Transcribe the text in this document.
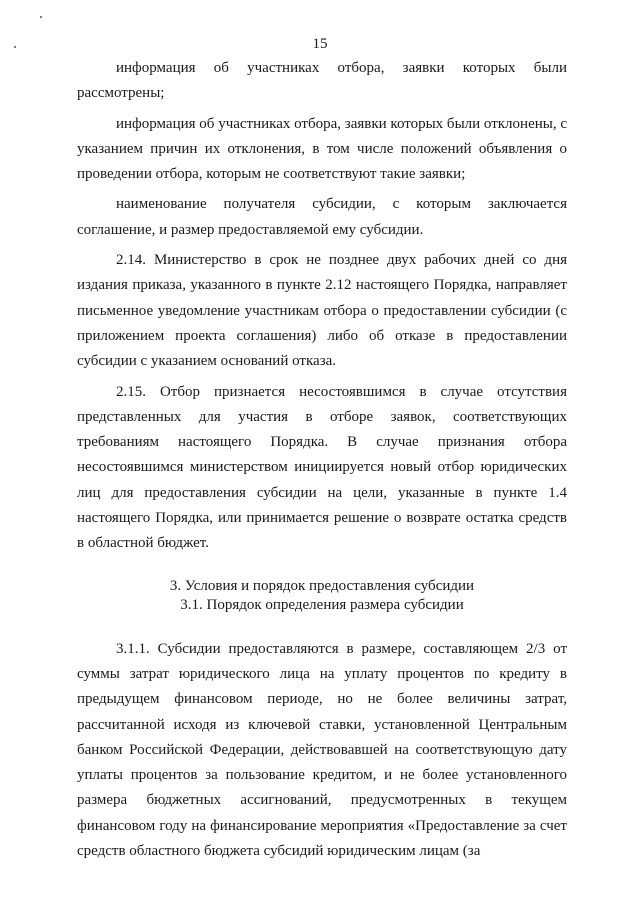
15

информация об участниках отбора, заявки которых были рассмотрены;

информация об участниках отбора, заявки которых были отклонены, с указанием причин их отклонения, в том числе положений объявления о проведении отбора, которым не соответствуют такие заявки;

наименование получателя субсидии, с которым заключается соглашение, и размер предоставляемой ему субсидии.

2.14. Министерство в срок не позднее двух рабочих дней со дня издания приказа, указанного в пункте 2.12 настоящего Порядка, направляет письменное уведомление участникам отбора о предоставлении субсидии (с приложением проекта соглашения) либо об отказе в предоставлении субсидии с указанием оснований отказа.

2.15. Отбор признается несостоявшимся в случае отсутствия представленных для участия в отборе заявок, соответствующих требованиям настоящего Порядка. В случае признания отбора несостоявшимся министерством инициируется новый отбор юридических лиц для предоставления субсидии на цели, указанные в пункте 1.4 настоящего Порядка, или принимается решение о возврате остатка средств в областной бюджет.

3. Условия и порядок предоставления субсидии

3.1. Порядок определения размера субсидии

3.1.1. Субсидии предоставляются в размере, составляющем 2/3 от суммы затрат юридического лица на уплату процентов по кредиту в предыдущем финансовом периоде, но не более величины затрат, рассчитанной исходя из ключевой ставки, установленной Центральным банком Российской Федерации, действовавшей на соответствующую дату уплаты процентов за пользование кредитом, и не более установленного размера бюджетных ассигнований, предусмотренных в текущем финансовом году на финансирование мероприятия «Предоставление за счет средств областного бюджета субсидий юридическим лицам (за
